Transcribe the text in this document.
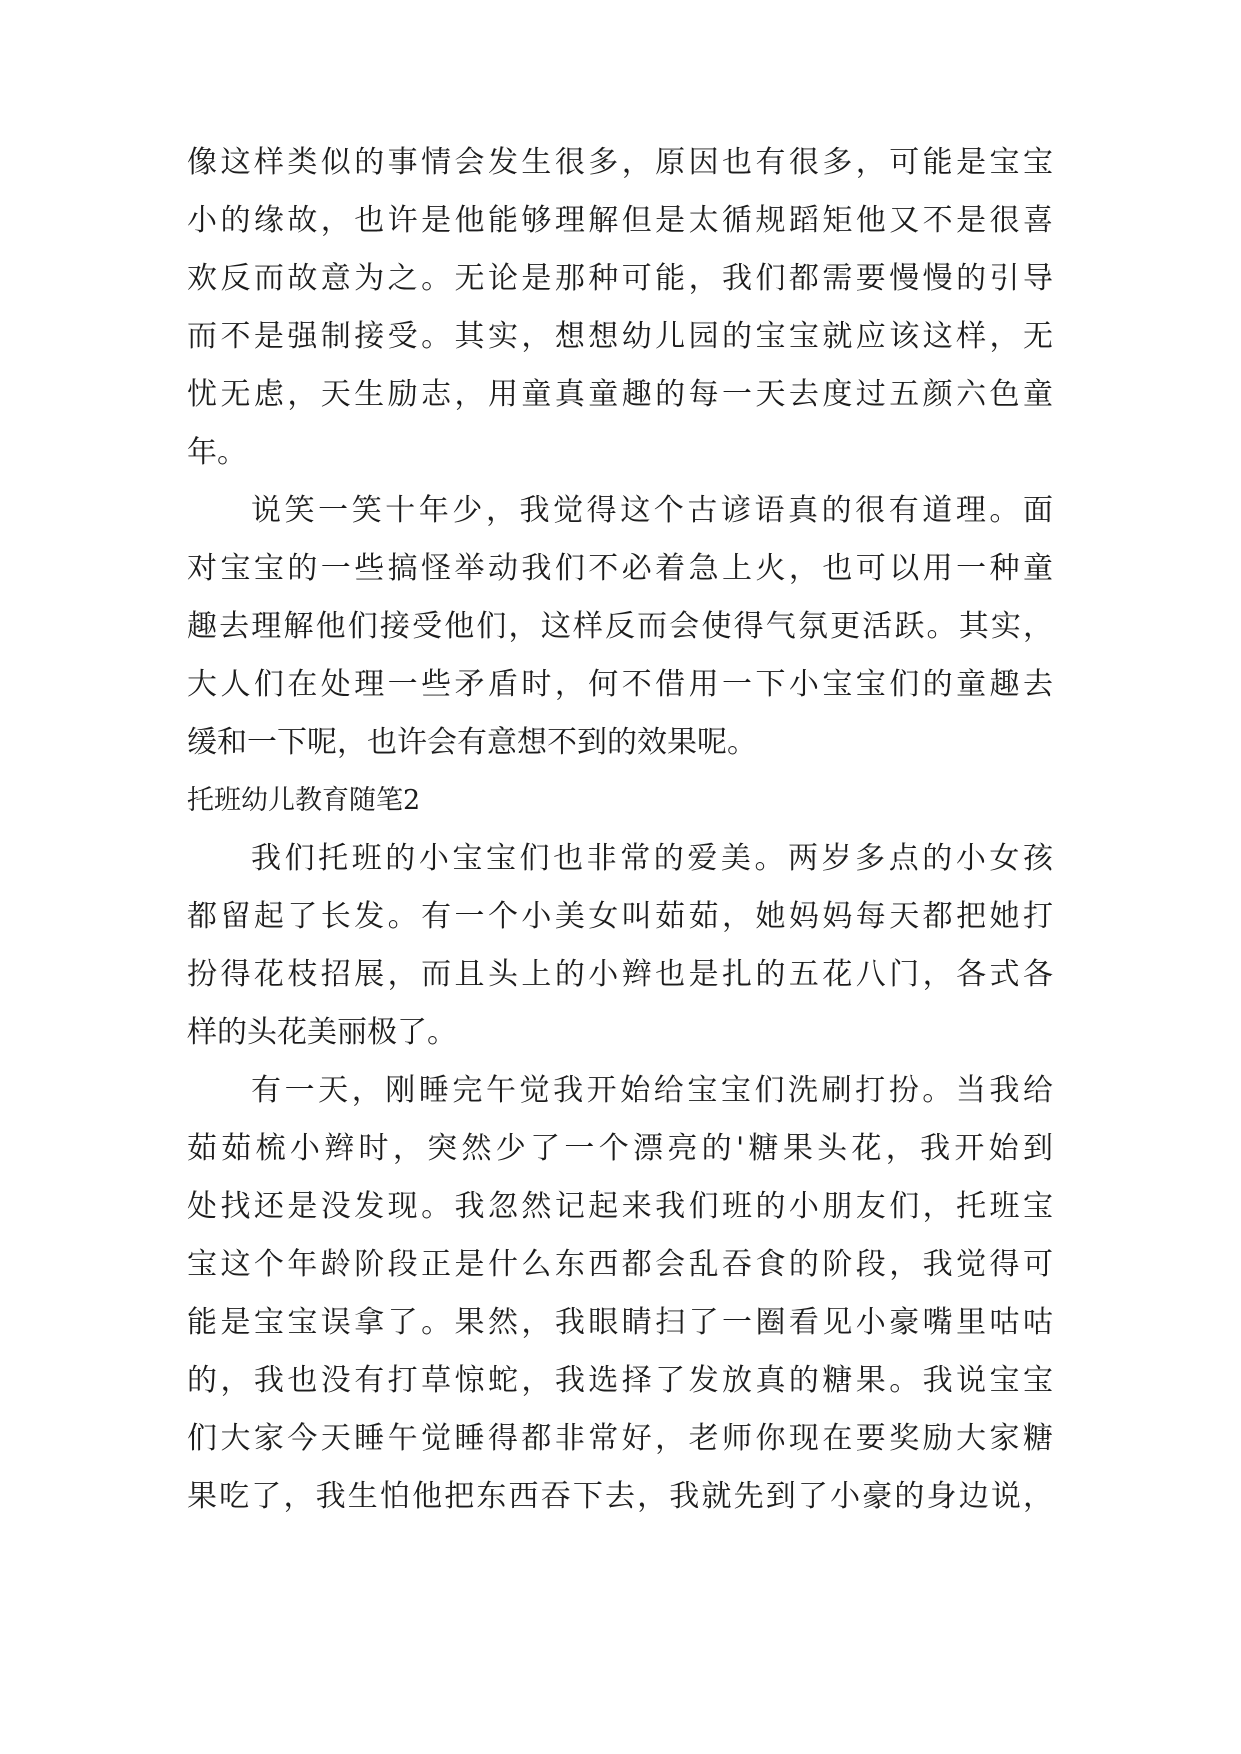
像这样类似的事情会发生很多，原因也有很多，可能是宝宝
小的缘故，也许是他能够理解但是太循规蹈矩他又不是很喜
欢反而故意为之。无论是那种可能，我们都需要慢慢的引导
而不是强制接受。其实，想想幼儿园的宝宝就应该这样，无
忧无虑，天生励志，用童真童趣的每一天去度过五颜六色童
年。
说笑一笑十年少，我觉得这个古谚语真的很有道理。面
对宝宝的一些搞怪举动我们不必着急上火，也可以用一种童
趣去理解他们接受他们，这样反而会使得气氛更活跃。其实，
大人们在处理一些矛盾时，何不借用一下小宝宝们的童趣去
缓和一下呢，也许会有意想不到的效果呢。
托班幼儿教育随笔2
我们托班的小宝宝们也非常的爱美。两岁多点的小女孩
都留起了长发。有一个小美女叫茹茹，她妈妈每天都把她打
扮得花枝招展，而且头上的小辫也是扎的五花八门，各式各
样的头花美丽极了。
有一天，刚睡完午觉我开始给宝宝们洗刷打扮。当我给
茹茹梳小辫时，突然少了一个漂亮的'糖果头花，我开始到
处找还是没发现。我忽然记起来我们班的小朋友们，托班宝
宝这个年龄阶段正是什么东西都会乱吞食的阶段，我觉得可
能是宝宝误拿了。果然，我眼睛扫了一圈看见小豪嘴里咕咕
的，我也没有打草惊蛇，我选择了发放真的糖果。我说宝宝
们大家今天睡午觉睡得都非常好，老师你现在要奖励大家糖
果吃了，我生怕他把东西吞下去，我就先到了小豪的身边说，
